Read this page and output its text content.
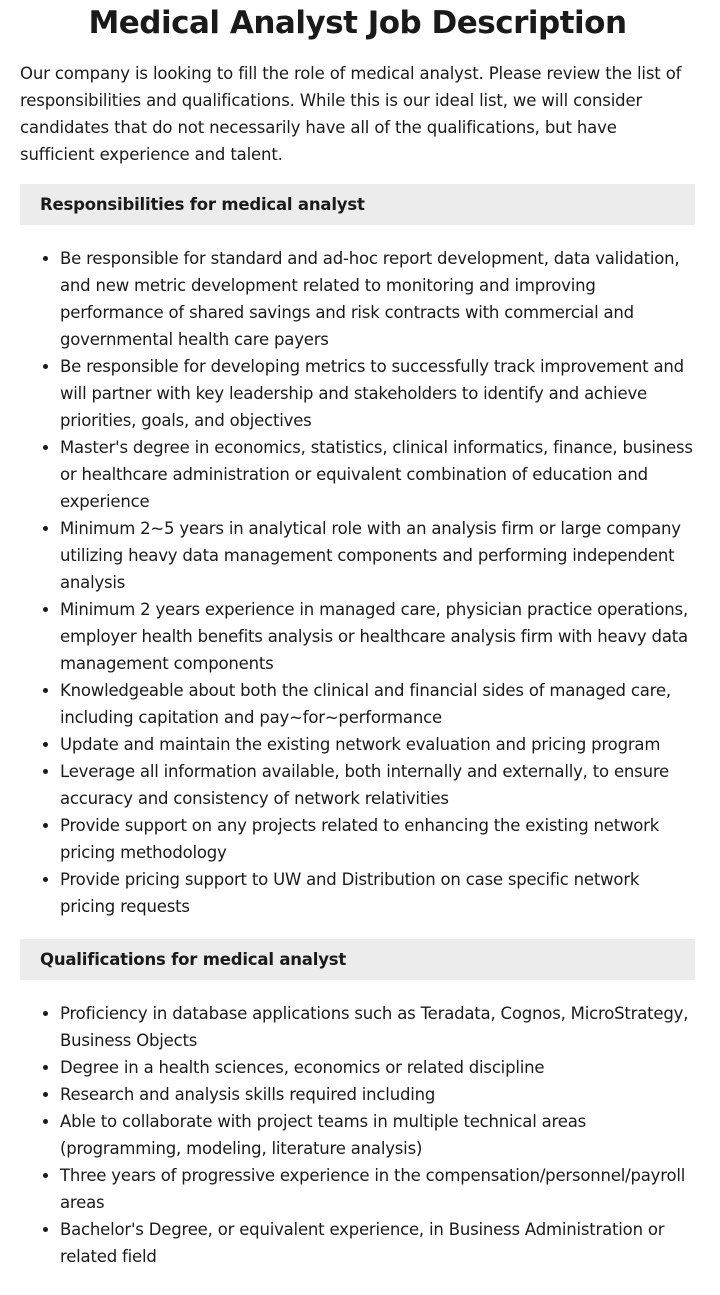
Medical Analyst Job Description

Our company is looking to fill the role of medical analyst. Please review the list of responsibilities and qualifications. While this is our ideal list, we will consider candidates that do not necessarily have all of the qualifications, but have sufficient experience and talent.

Responsibilities for medical analyst
• Be responsible for standard and ad-hoc report development, data validation, and new metric development related to monitoring and improving performance of shared savings and risk contracts with commercial and governmental health care payers
• Be responsible for developing metrics to successfully track improvement and will partner with key leadership and stakeholders to identify and achieve priorities, goals, and objectives
• Master's degree in economics, statistics, clinical informatics, finance, business or healthcare administration or equivalent combination of education and experience
• Minimum 2~5 years in analytical role with an analysis firm or large company utilizing heavy data management components and performing independent analysis
• Minimum 2 years experience in managed care, physician practice operations, employer health benefits analysis or healthcare analysis firm with heavy data management components
• Knowledgeable about both the clinical and financial sides of managed care, including capitation and pay~for~performance
• Update and maintain the existing network evaluation and pricing program
• Leverage all information available, both internally and externally, to ensure accuracy and consistency of network relativities
• Provide support on any projects related to enhancing the existing network pricing methodology
• Provide pricing support to UW and Distribution on case specific network pricing requests
Qualifications for medical analyst
• Proficiency in database applications such as Teradata, Cognos, MicroStrategy, Business Objects
• Degree in a health sciences, economics or related discipline
• Research and analysis skills required including
• Able to collaborate with project teams in multiple technical areas (programming, modeling, literature analysis)
• Three years of progressive experience in the compensation/personnel/payroll areas
• Bachelor's Degree, or equivalent experience, in Business Administration or related field
